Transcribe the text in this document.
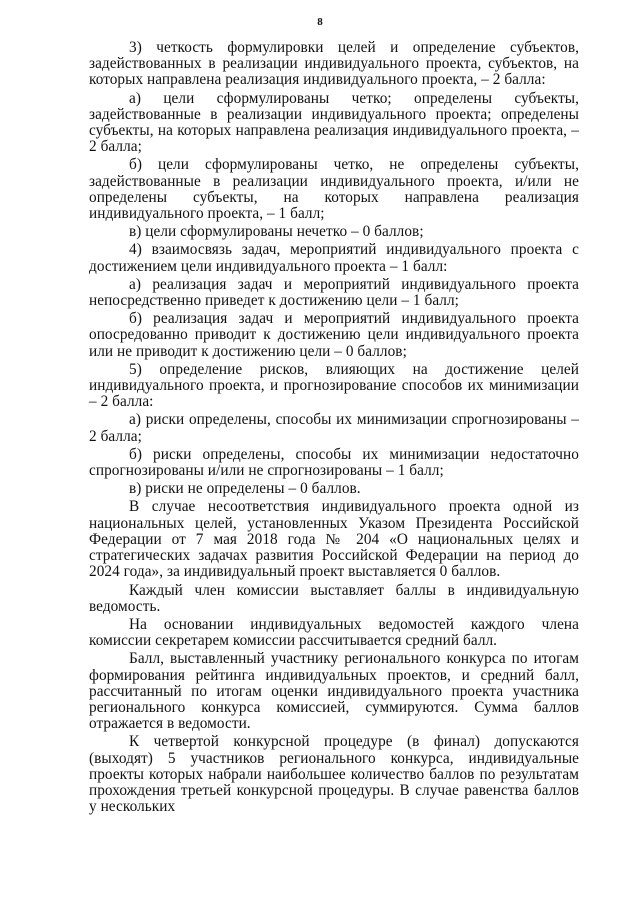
8

3) четкость формулировки целей и определение субъектов, задействованных в реализации индивидуального проекта, субъектов, на которых направлена реализация индивидуального проекта, – 2 балла:

а) цели сформулированы четко; определены субъекты, задействованные в реализации индивидуального проекта; определены субъекты, на которых направлена реализация индивидуального проекта, – 2 балла;

б) цели сформулированы четко, не определены субъекты, задействованные в реализации индивидуального проекта, и/или не определены субъекты, на которых направлена реализация индивидуального проекта, – 1 балл;

в) цели сформулированы нечетко – 0 баллов;

4) взаимосвязь задач, мероприятий индивидуального проекта с достижением цели индивидуального проекта – 1 балл:

а) реализация задач и мероприятий индивидуального проекта непосредственно приведет к достижению цели – 1 балл;

б) реализация задач и мероприятий индивидуального проекта опосредованно приводит к достижению цели индивидуального проекта или не приводит к достижению цели – 0 баллов;

5) определение рисков, влияющих на достижение целей индивидуального проекта, и прогнозирование способов их минимизации – 2 балла:

а) риски определены, способы их минимизации спрогнозированы – 2 балла;

б) риски определены, способы их минимизации недостаточно спрогнозированы и/или не спрогнозированы – 1 балл;

в) риски не определены – 0 баллов.

В случае несоответствия индивидуального проекта одной из национальных целей, установленных Указом Президента Российской Федерации от 7 мая 2018 года № 204 «О национальных целях и стратегических задачах развития Российской Федерации на период до 2024 года», за индивидуальный проект выставляется 0 баллов.

Каждый член комиссии выставляет баллы в индивидуальную ведомость.

На основании индивидуальных ведомостей каждого члена комиссии секретарем комиссии рассчитывается средний балл.

Балл, выставленный участнику регионального конкурса по итогам формирования рейтинга индивидуальных проектов, и средний балл, рассчитанный по итогам оценки индивидуального проекта участника регионального конкурса комиссией, суммируются. Сумма баллов отражается в ведомости.

К четвертой конкурсной процедуре (в финал) допускаются (выходят) 5 участников регионального конкурса, индивидуальные проекты которых набрали наибольшее количество баллов по результатам прохождения третьей конкурсной процедуры. В случае равенства баллов у нескольких
